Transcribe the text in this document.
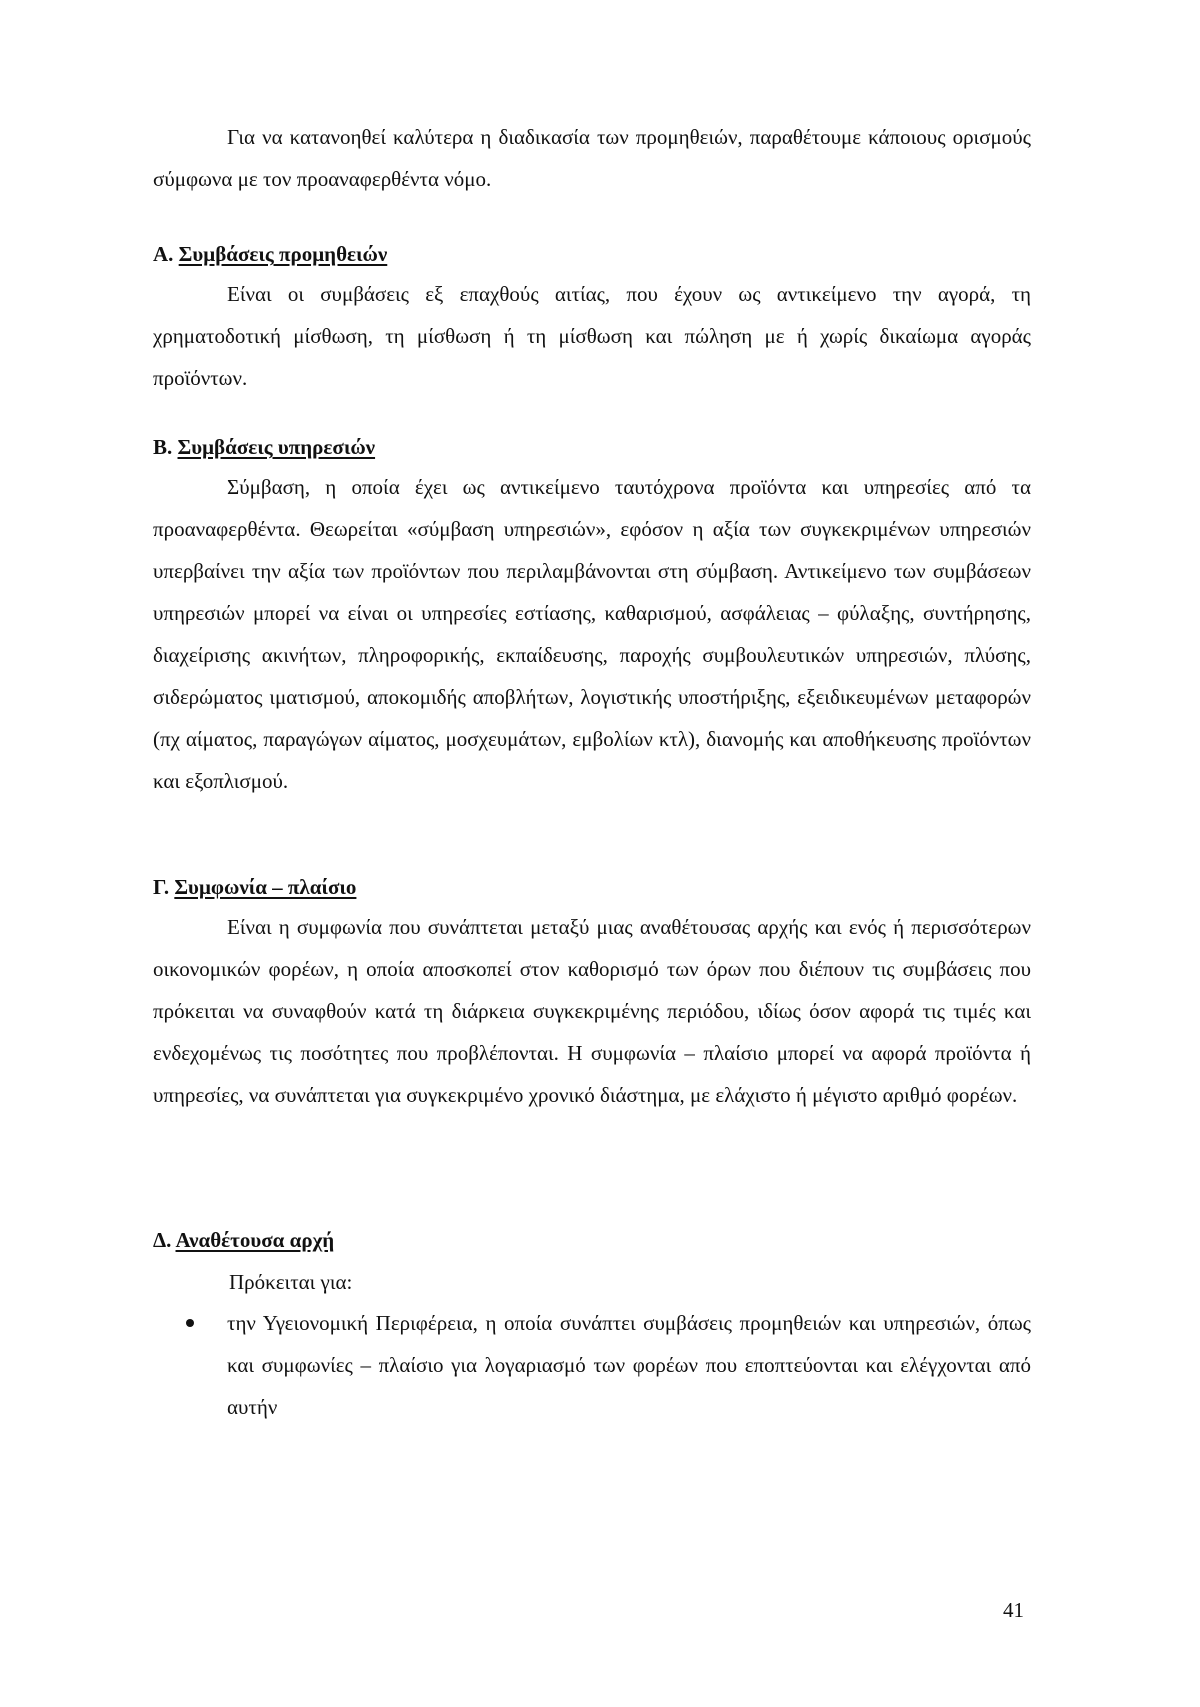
Για να κατανοηθεί καλύτερα η διαδικασία των προμηθειών, παραθέτουμε κάποιους ορισμούς σύμφωνα με τον προαναφερθέντα νόμο.

Α. Συμβάσεις προμηθειών

Είναι οι συμβάσεις εξ επαχθούς αιτίας, που έχουν ως αντικείμενο την αγορά, τη χρηματοδοτική μίσθωση, τη μίσθωση ή τη μίσθωση και πώληση με ή χωρίς δικαίωμα αγοράς προϊόντων.

Β. Συμβάσεις υπηρεσιών

Σύμβαση, η οποία έχει ως αντικείμενο ταυτόχρονα προϊόντα και υπηρεσίες από τα προαναφερθέντα. Θεωρείται «σύμβαση υπηρεσιών», εφόσον η αξία των συγκεκριμένων υπηρεσιών υπερβαίνει την αξία των προϊόντων που περιλαμβάνονται στη σύμβαση. Αντικείμενο των συμβάσεων υπηρεσιών μπορεί να είναι οι υπηρεσίες εστίασης, καθαρισμού, ασφάλειας – φύλαξης, συντήρησης, διαχείρισης ακινήτων, πληροφορικής, εκπαίδευσης, παροχής συμβουλευτικών υπηρεσιών, πλύσης, σιδερώματος ιματισμού, αποκομιδής αποβλήτων, λογιστικής υποστήριξης, εξειδικευμένων μεταφορών (πχ αίματος, παραγώγων αίματος, μοσχευμάτων, εμβολίων κτλ), διανομής και αποθήκευσης προϊόντων και εξοπλισμού.

Γ. Συμφωνία – πλαίσιο

Είναι η συμφωνία που συνάπτεται μεταξύ μιας αναθέτουσας αρχής και ενός ή περισσότερων οικονομικών φορέων, η οποία αποσκοπεί στον καθορισμό των όρων που διέπουν τις συμβάσεις που πρόκειται να συναφθούν κατά τη διάρκεια συγκεκριμένης περιόδου, ιδίως όσον αφορά τις τιμές και ενδεχομένως τις ποσότητες που προβλέπονται. Η συμφωνία – πλαίσιο μπορεί να αφορά προϊόντα ή υπηρεσίες, να συνάπτεται για συγκεκριμένο χρονικό διάστημα, με ελάχιστο ή μέγιστο αριθμό φορέων.

Δ. Αναθέτουσα αρχή

Πρόκειται για:

την Υγειονομική Περιφέρεια, η οποία συνάπτει συμβάσεις προμηθειών και υπηρεσιών, όπως και συμφωνίες – πλαίσιο για λογαριασμό των φορέων που εποπτεύονται και ελέγχονται από αυτήν

41
